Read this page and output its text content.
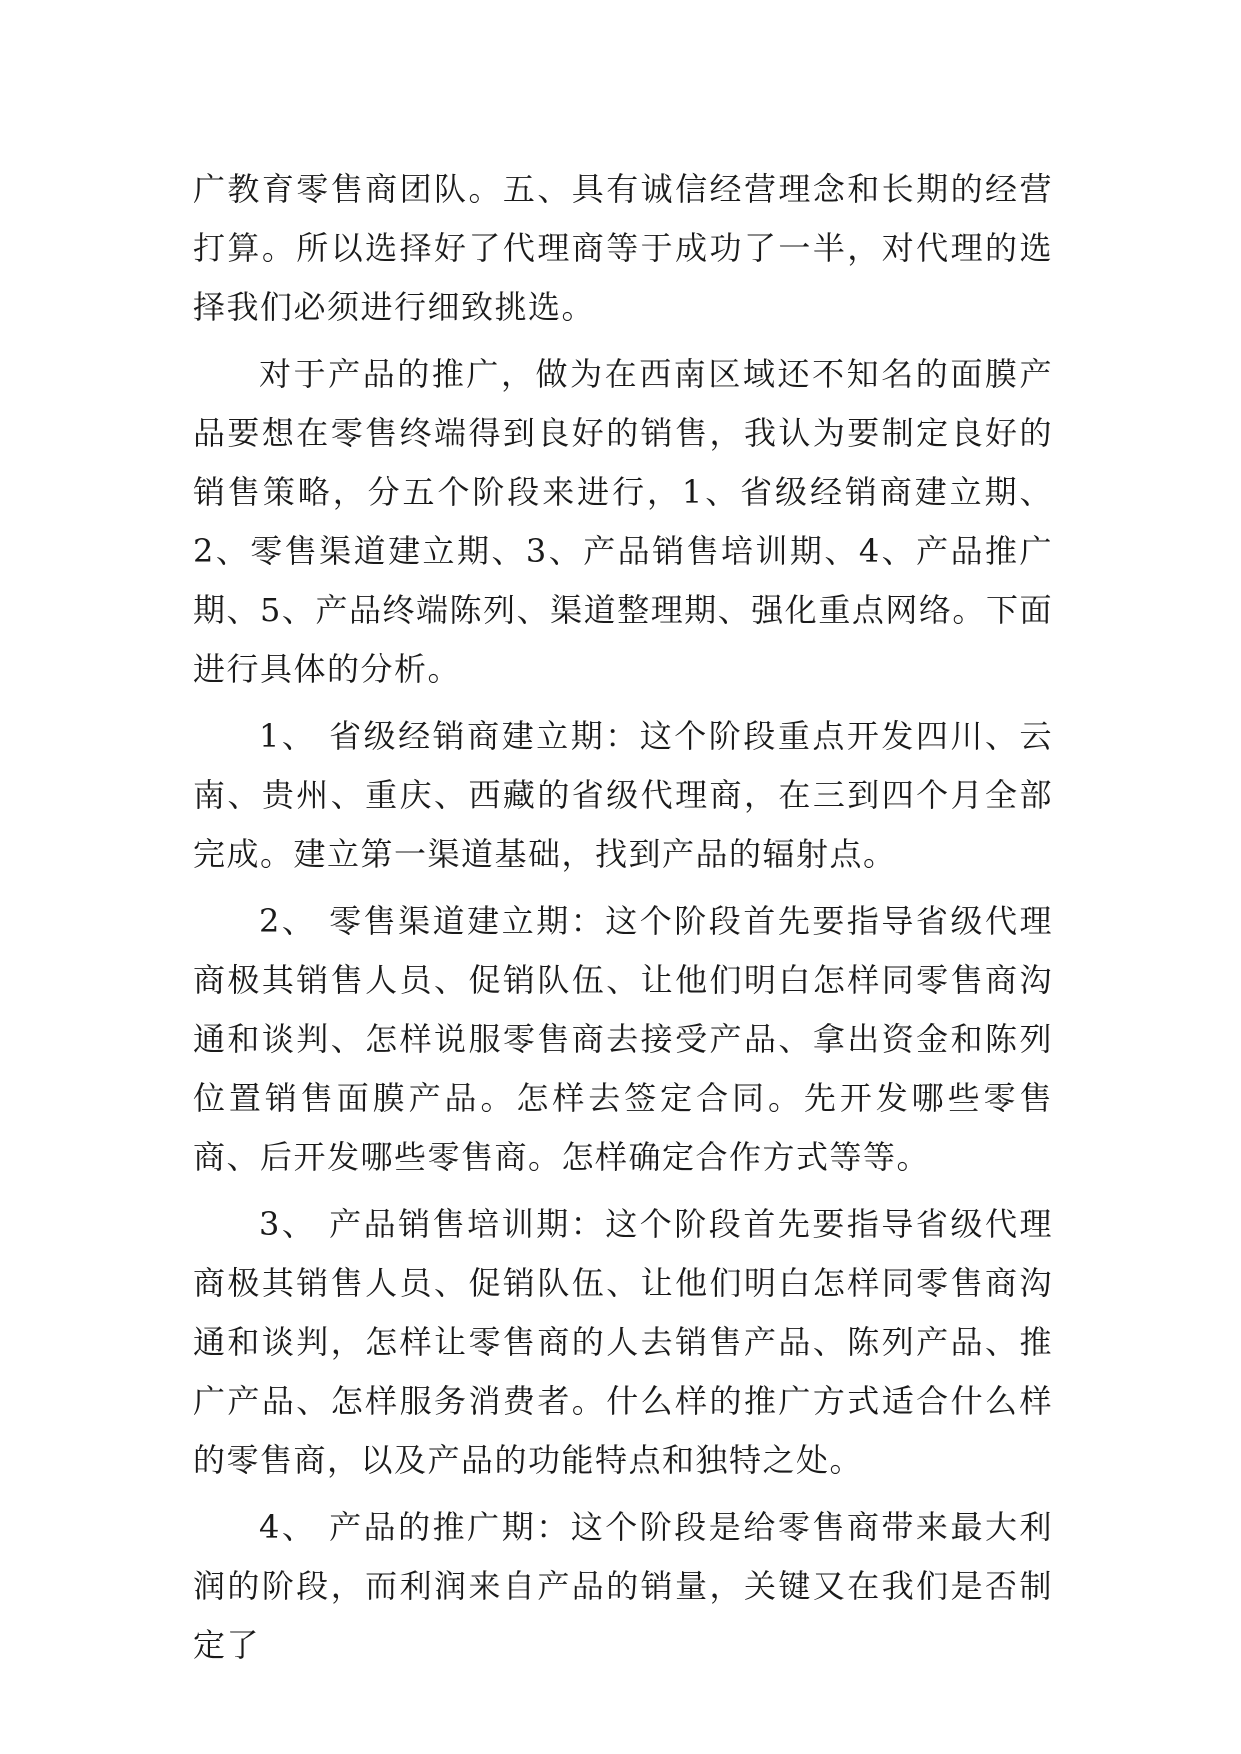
广教育零售商团队。五、具有诚信经营理念和长期的经营打算。所以选择好了代理商等于成功了一半，对代理的选择我们必须进行细致挑选。

对于产品的推广，做为在西南区域还不知名的面膜产品要想在零售终端得到良好的销售，我认为要制定良好的销售策略，分五个阶段来进行，1、省级经销商建立期、2、零售渠道建立期、3、产品销售培训期、4、产品推广期、5、产品终端陈列、渠道整理期、强化重点网络。下面进行具体的分析。

1、 省级经销商建立期：这个阶段重点开发四川、云南、贵州、重庆、西藏的省级代理商，在三到四个月全部完成。建立第一渠道基础，找到产品的辐射点。

2、 零售渠道建立期：这个阶段首先要指导省级代理商极其销售人员、促销队伍、让他们明白怎样同零售商沟通和谈判、怎样说服零售商去接受产品、拿出资金和陈列位置销售面膜产品。怎样去签定合同。先开发哪些零售商、后开发哪些零售商。怎样确定合作方式等等。

3、 产品销售培训期：这个阶段首先要指导省级代理商极其销售人员、促销队伍、让他们明白怎样同零售商沟通和谈判，怎样让零售商的人去销售产品、陈列产品、推广产品、怎样服务消费者。什么样的推广方式适合什么样的零售商，以及产品的功能特点和独特之处。

4、 产品的推广期：这个阶段是给零售商带来最大利润的阶段，而利润来自产品的销量，关键又在我们是否制定了
